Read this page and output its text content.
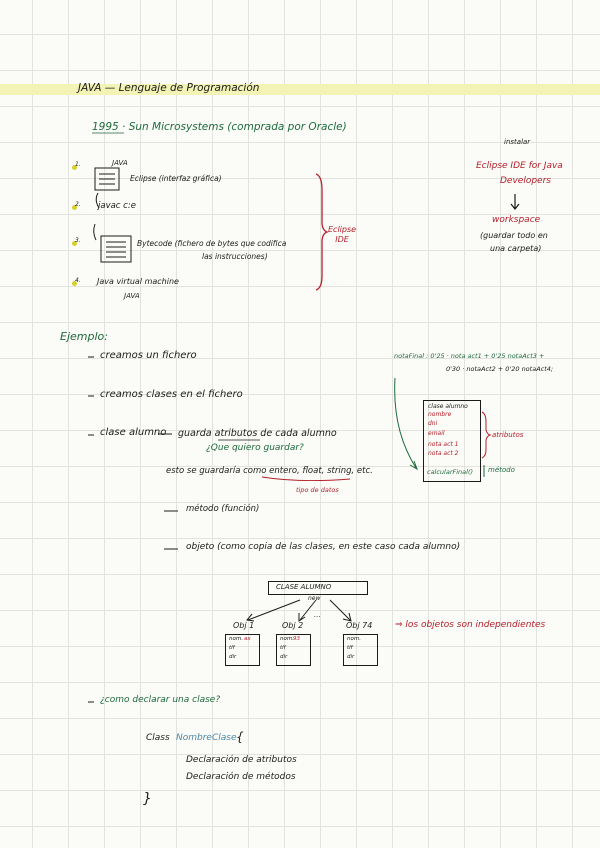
JAVA — Lenguaje de Programación
1995 · Sun Microsystems (comprada por Oracle)
1.	JAVA
Eclipse (interfaz gráfica)
2. javac c:e
3.	Bytecode (fichero de bytes que codifica
las instrucciones)
4. Java virtual machine
JAVA
Eclipse
IDE
instalar
Eclipse IDE for Java
Developers
workspace
(guardar todo en
una carpeta)
Ejemplo:
creamos un fichero
creamos clases en el fichero
clase alumno guarda atributos de cada alumno
¿Que quiero guardar?
esto se guardaría como entero, float, string, etc.
tipo de datos
método (función)
objeto (como copia de las clases, en este caso cada alumno)
notaFinal : 0'25 · nota act1 + 0'25 notaAct3 +
0'30 · notaAct2 + 0'20 notaAct4;
clase alumno
nombre
dni
email
nota act 1
nota act 2
calcularFinal()
atributos
método
CLASE ALUMNO
new
...
Obj 1	Obj 2	Obj 74
nom. ax
tlf
dir
nom. 93
tlf
dir
nom.
tlf
dir
⇒ los objetos son independientes
¿como declarar una clase?
Class NombreClase {
Declaración de atributos
Declaración de métodos
}
